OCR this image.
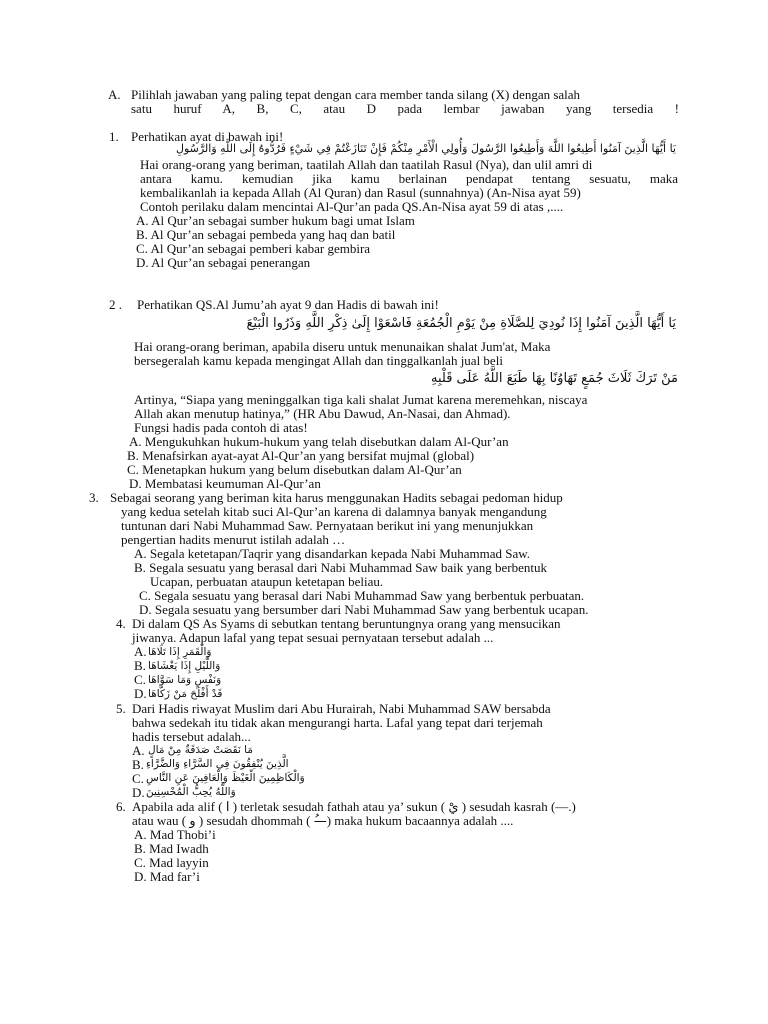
A. Pilihlah jawaban yang paling tepat dengan cara member tanda silang (X) dengan salah
satu huruf A, B, C, atau D pada lembar jawaban yang tersedia !
1. Perhatikan ayat di bawah ini!
يَا أَيُّهَا الَّذِينَ آمَنُوا أَطِيعُوا اللَّهَ وَأَطِيعُوا الرَّسُولَ وَأُولِي الْأَمْرِ مِنْكُمْ فَإِنْ تَنَازَعْتُمْ فِي شَيْءٍ فَرُدُّوهُ إِلَى اللَّهِ وَالرَّسُولِ
Hai orang-orang yang beriman, taatilah Allah dan taatilah Rasul (Nya), dan ulil amri di
antara kamu. kemudian jika kamu berlainan pendapat tentang sesuatu, maka
kembalikanlah ia kepada Allah (Al Quran) dan Rasul (sunnahnya) (An-Nisa ayat 59)
Contoh perilaku dalam mencintai Al-Qur’an pada QS.An-Nisa ayat 59 di atas ,....
A. Al Qur’an sebagai sumber hukum bagi umat Islam
B. Al Qur’an sebagai pembeda yang haq dan batil
C. Al Qur’an sebagai pemberi kabar gembira
D. Al Qur’an sebagai penerangan
2 . Perhatikan QS.Al Jumu’ah ayat 9 dan Hadis di bawah ini!
يَا أَيُّهَا الَّذِينَ آمَنُوا إِذَا نُودِيَ لِلصَّلَاةِ مِنْ يَوْمِ الْجُمُعَةِ فَاسْعَوْا إِلَىٰ ذِكْرِ اللَّهِ وَذَرُوا الْبَيْعَ
Hai orang-orang beriman, apabila diseru untuk menunaikan shalat Jum'at, Maka
bersegeralah kamu kepada mengingat Allah dan tinggalkanlah jual beli
مَنْ تَرَكَ ثَلَاثَ جُمَعٍ تَهَاوُنًا بِهَا طَبَعَ اللَّهُ عَلَى قَلْبِهِ
Artinya, “Siapa yang meninggalkan tiga kali shalat Jumat karena meremehkan, niscaya
Allah akan menutup hatinya,” (HR Abu Dawud, An-Nasai, dan Ahmad).
Fungsi hadis pada contoh di atas!
A. Mengukuhkan hukum-hukum yang telah disebutkan dalam Al-Qur’an
B. Menafsirkan ayat-ayat Al-Qur’an yang bersifat mujmal (global)
C. Menetapkan hukum yang belum disebutkan dalam Al-Qur’an
D. Membatasi keumuman Al-Qur’an
3. Sebagai seorang yang beriman kita harus menggunakan Hadits sebagai pedoman hidup
yang kedua setelah kitab suci Al-Qur’an karena di dalamnya banyak mengandung
tuntunan dari Nabi Muhammad Saw. Pernyataan berikut ini yang menunjukkan
pengertian hadits menurut istilah adalah …
A. Segala ketetapan/Taqrir yang disandarkan kepada Nabi Muhammad Saw.
B. Segala sesuatu yang berasal dari Nabi Muhammad Saw baik yang berbentuk
Ucapan, perbuatan ataupun ketetapan beliau.
C. Segala sesuatu yang berasal dari Nabi Muhammad Saw yang berbentuk perbuatan.
D. Segala sesuatu yang bersumber dari Nabi Muhammad Saw yang berbentuk ucapan.
4. Di dalam QS As Syams di sebutkan tentang beruntungnya orang yang mensucikan
jiwanya. Adapun lafal yang tepat sesuai pernyataan tersebut adalah ...
A. وَالْقَمَرِ إِذَا تَلَاهَا
B. وَاللَّيْلِ إِذَا يَغْشَاهَا
C. وَنَفْسٍ وَمَا سَوَّاهَا
D. قَدْ أَفْلَحَ مَنْ زَكَّاهَا
5. Dari Hadis riwayat Muslim dari Abu Hurairah, Nabi Muhammad SAW bersabda
bahwa sedekah itu tidak akan mengurangi harta. Lafal yang tepat dari terjemah
hadis tersebut adalah...
A. مَا نَقَصَتْ صَدَقَةٌ مِنْ مَالٍ
B. الَّذِينَ يُنْفِقُونَ فِي السَّرَّاءِ وَالضَّرَّاءِ
C. وَالْكَاظِمِينَ الْغَيْظَ وَالْعَافِينَ عَنِ النَّاسِ
D. وَاللَّهُ يُحِبُّ الْمُحْسِنِينَ
6. Apabila ada alif ( ا ) terletak sesudah fathah atau ya’ sukun ( يْ ) sesudah kasrah (—.)
atau wau ( و ) sesudah dhommah ( —ُ) maka hukum bacaannya adalah ....
A. Mad Thobi’i
B. Mad Iwadh
C. Mad layyin
D. Mad far’i
